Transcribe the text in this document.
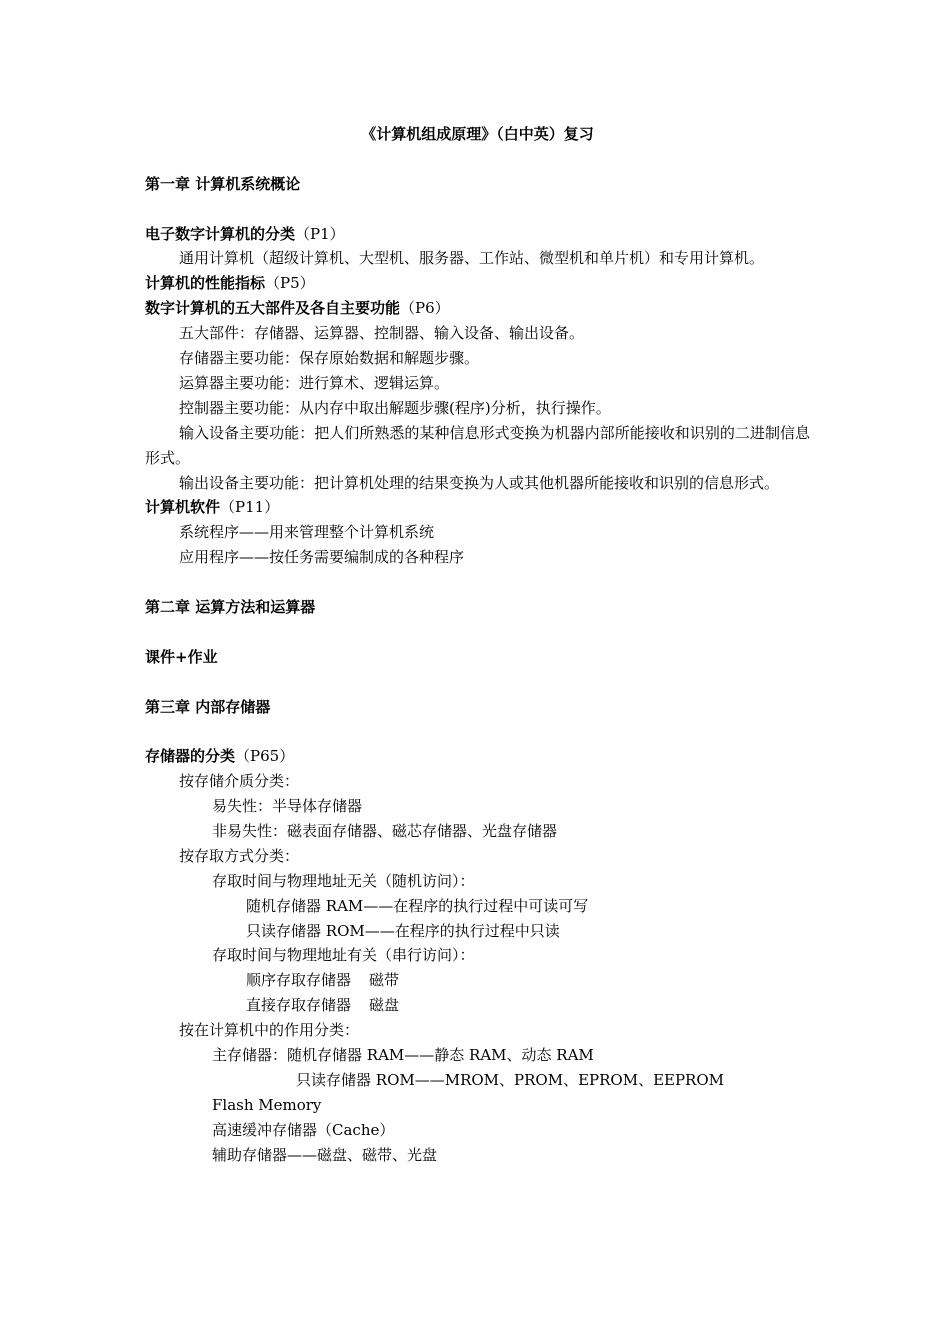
《计算机组成原理》（白中英）复习
第一章 计算机系统概论
电子数字计算机的分类（P1）
通用计算机（超级计算机、大型机、服务器、工作站、微型机和单片机）和专用计算机。
计算机的性能指标（P5）
数字计算机的五大部件及各自主要功能（P6）
五大部件：存储器、运算器、控制器、输入设备、输出设备。
存储器主要功能：保存原始数据和解题步骤。
运算器主要功能：进行算术、逻辑运算。
控制器主要功能：从内存中取出解题步骤(程序)分析，执行操作。
输入设备主要功能：把人们所熟悉的某种信息形式变换为机器内部所能接收和识别的二进制信息形式。
输出设备主要功能：把计算机处理的结果变换为人或其他机器所能接收和识别的信息形式。
计算机软件（P11）
系统程序——用来管理整个计算机系统
应用程序——按任务需要编制成的各种程序
第二章 运算方法和运算器
课件+作业
第三章 内部存储器
存储器的分类（P65）
按存储介质分类：
易失性：半导体存储器
非易失性：磁表面存储器、磁芯存储器、光盘存储器
按存取方式分类：
存取时间与物理地址无关（随机访问）：
随机存储器 RAM——在程序的执行过程中可读可写
只读存储器 ROM——在程序的执行过程中只读
存取时间与物理地址有关（串行访问）：
顺序存取存储器 磁带
直接存取存储器 磁盘
按在计算机中的作用分类：
主存储器：随机存储器 RAM——静态 RAM、动态 RAM
只读存储器 ROM——MROM、PROM、EPROM、EEPROM
Flash Memory
高速缓冲存储器（Cache）
辅助存储器——磁盘、磁带、光盘
